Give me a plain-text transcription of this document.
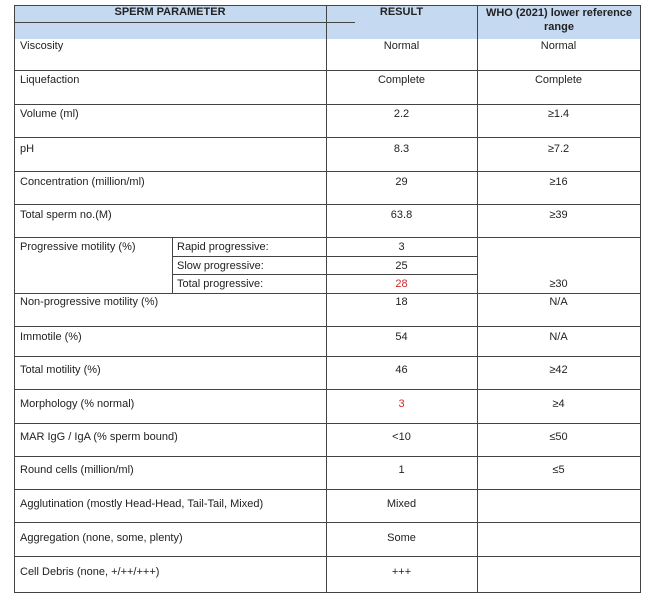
SPERM PARAMETER	RESULT	WHO (2021) lower reference range
Viscosity	Normal	Normal
Liquefaction	Complete	Complete
Volume (ml)	2.2	≥1.4
pH	8.3	≥7.2
Concentration (million/ml)	29	≥16
Total sperm no.(M)	63.8	≥39
Progressive motility (%)	Rapid progressive:	3
Slow progressive:	25
Total progressive:	28	≥30
Non-progressive motility (%)	18	N/A
Immotile (%)	54	N/A
Total motility (%)	46	≥42
Morphology (% normal)	3	≥4
MAR IgG / IgA (% sperm bound)	<10	≤50
Round cells (million/ml)	1	≤5
Agglutination (mostly Head-Head, Tail-Tail, Mixed)	Mixed
Aggregation (none, some, plenty)	Some
Cell Debris (none, +/++/+++)	+++
